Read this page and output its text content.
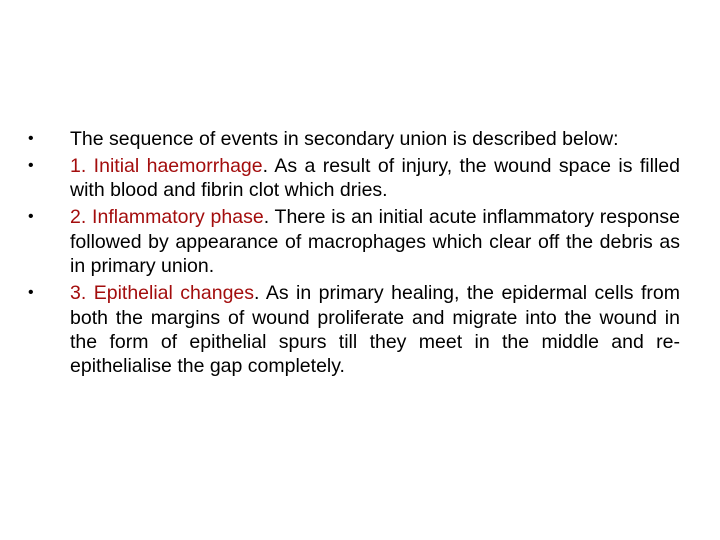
•	The sequence of events in secondary union is described below:
•	1. Initial haemorrhage. As a result of injury, the wound space is filled with blood and fibrin clot which dries.
•	2. Inflammatory phase. There is an initial acute inflammatory response followed by appearance of macrophages which clear off the debris as in primary union.
•	3. Epithelial changes. As in primary healing, the epidermal cells from both the margins of wound proliferate and migrate into the wound in the form of epithelial spurs till they meet in the middle and re-epithelialise the gap completely.
